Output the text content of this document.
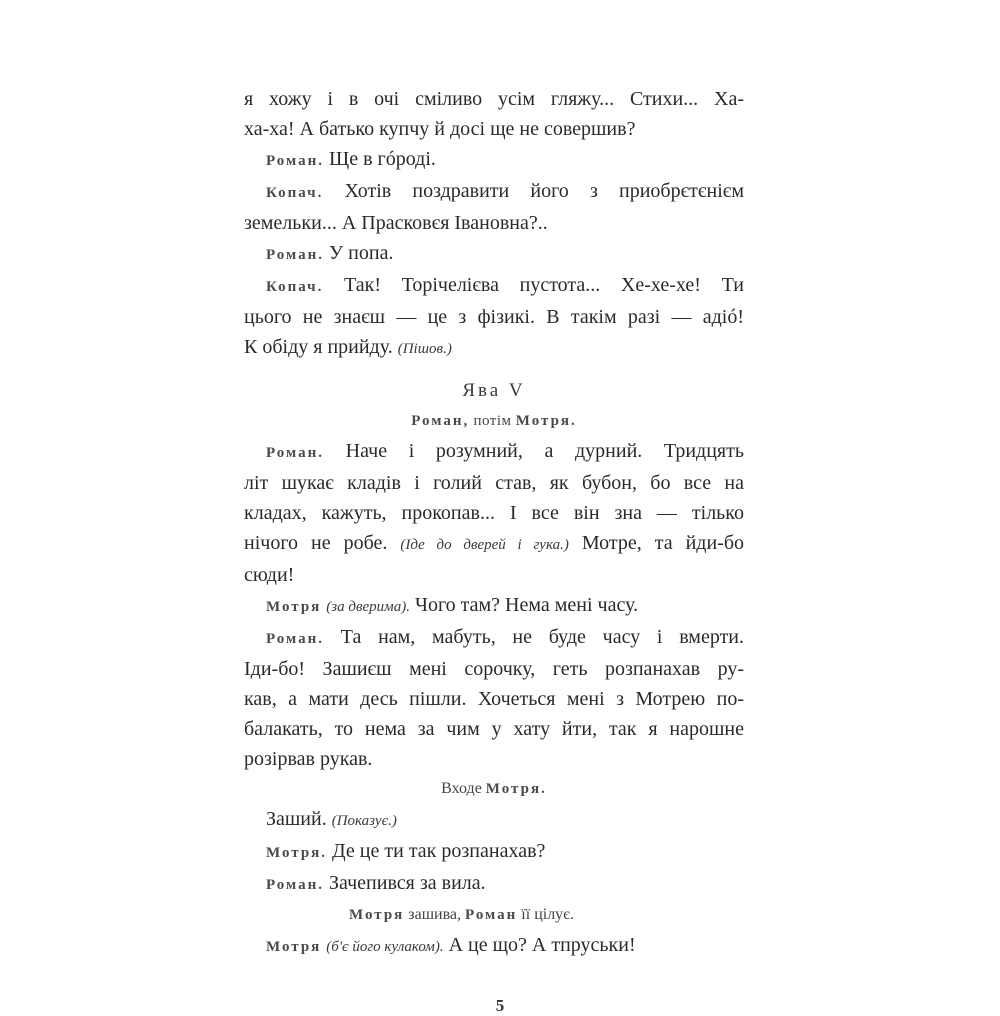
я хожу і в очі сміливо усім гляжу... Стихи... Ха-
ха-ха! А батько купчу й досі ще не совершив?
Роман. Ще в гóроді.
Копач. Хотів поздравити його з приобрєтєнієм
земельки... А Прасковєя Івановна?..
Роман. У попа.
Копач. Так! Торічелієва пустота... Хе-хе-хе! Ти
цього не знаєш — це з фізикі. В такім разі — адіó!
К обіду я прийду. (Пішов.)
Ява V
Роман, потім Мотря.
Роман. Наче і розумний, а дурний. Тридцять
літ шукає кладів і голий став, як бубон, бо все на
кладах, кажуть, прокопав... І все він зна — тілько
нічого не робе. (Іде до дверей і гука.) Мотре, та йди-бо
сюди!
Мотря (за дверима). Чого там? Нема мені часу.
Роман. Та нам, мабуть, не буде часу і вмерти.
Іди-бо! Зашиєш мені сорочку, геть розпанахав ру-
кав, а мати десь пішли. Хочеться мені з Мотрею по-
балакать, то нема за чим у хату йти, так я нарошне
розірвав рукав.
Входе Мотря.
Заший. (Показує.)
Мотря. Де це ти так розпанахав?
Роман. Зачепився за вила.
Мотря зашива, Роман її цілує.
Мотря (б'є його кулаком). А це що? А тпруськи!
5
